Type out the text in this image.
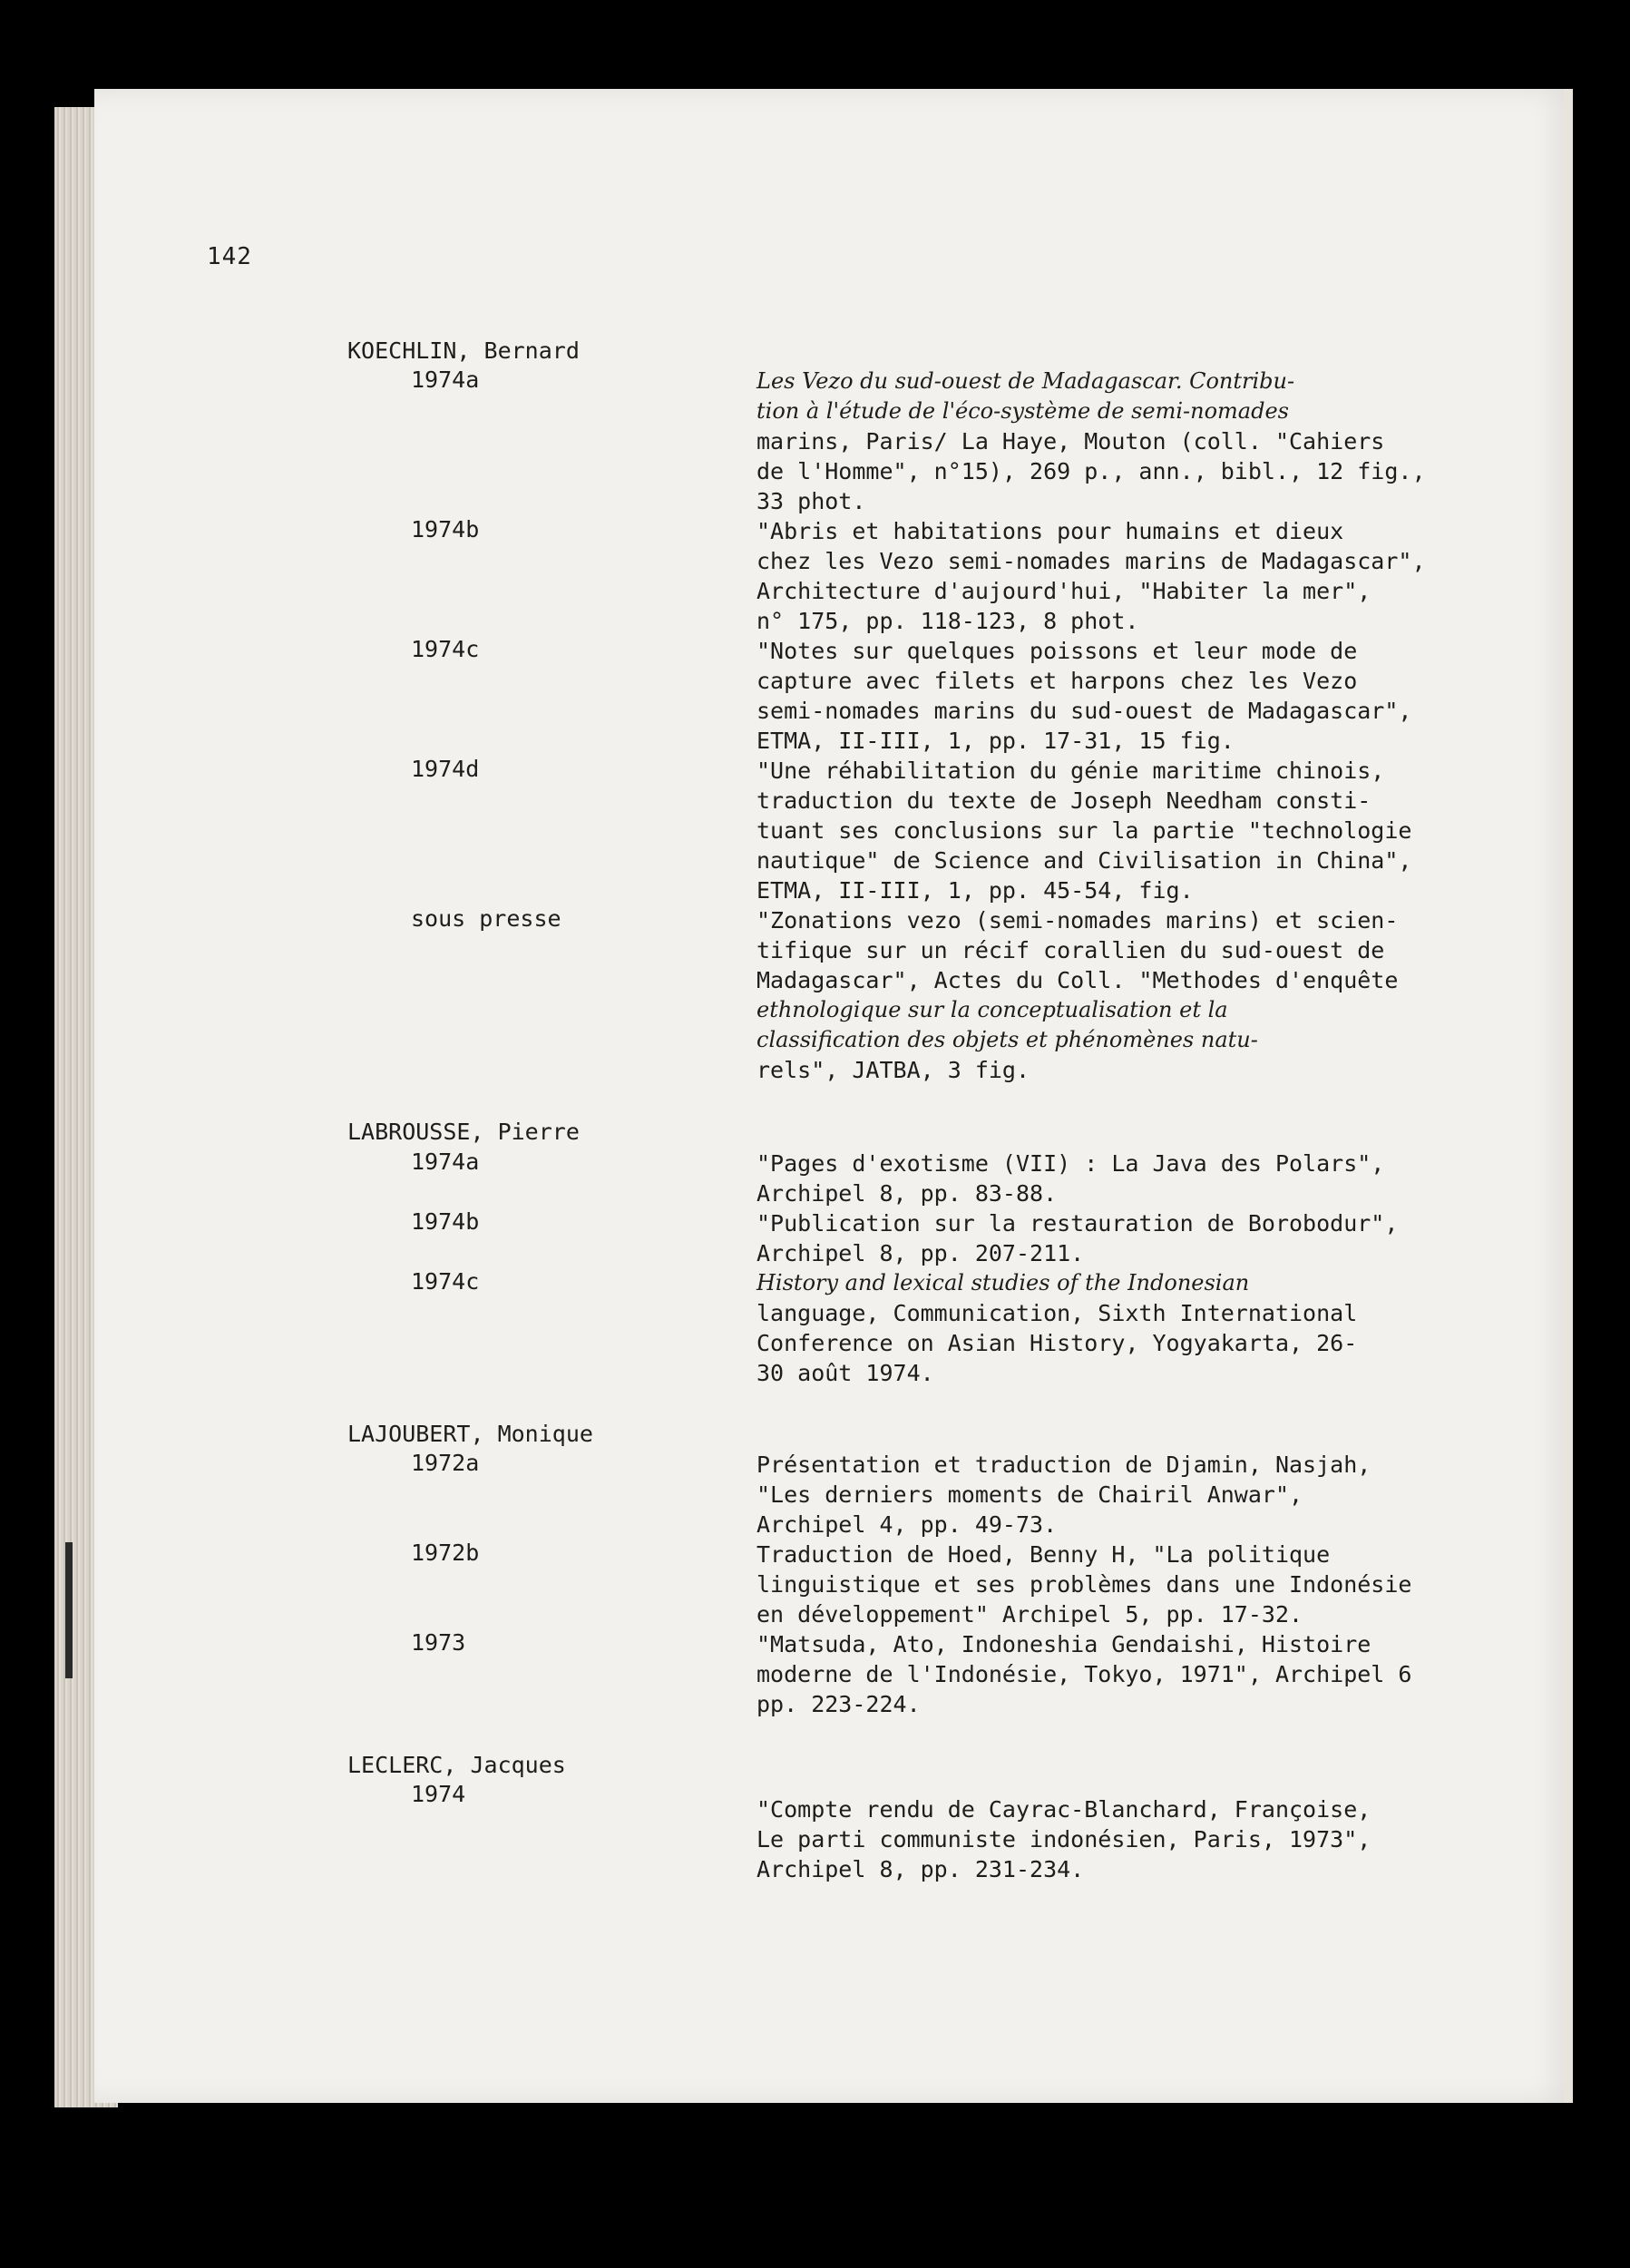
142
KOECHLIN, Bernard
1974a	Les Vezo du sud-ouest de Madagascar. Contribu-
tion à l'étude de l'éco-système de semi-nomades
marins, Paris/ La Haye, Mouton (coll. "Cahiers
de l'Homme", n°15), 269 p., ann., bibl., 12 fig.,
33 phot.
1974b	"Abris et habitations pour humains et dieux
chez les Vezo semi-nomades marins de Madagascar",
Architecture d'aujourd'hui, "Habiter la mer",
n° 175, pp. 118-123, 8 phot.
1974c	"Notes sur quelques poissons et leur mode de
capture avec filets et harpons chez les Vezo
semi-nomades marins du sud-ouest de Madagascar",
ETMA, II-III, 1, pp. 17-31, 15 fig.
1974d	"Une réhabilitation du génie maritime chinois,
traduction du texte de Joseph Needham consti-
tuant ses conclusions sur la partie "technologie
nautique" de Science and Civilisation in China",
ETMA, II-III, 1, pp. 45-54, fig.
sous presse	"Zonations vezo (semi-nomades marins) et scien-
tifique sur un récif corallien du sud-ouest de
Madagascar", Actes du Coll. "Methodes d'enquête
ethnologique sur la conceptualisation et la
classification des objets et phénomènes natu-
rels", JATBA, 3 fig.
LABROUSSE, Pierre
1974a	"Pages d'exotisme (VII) : La Java des Polars",
Archipel 8, pp. 83-88.
1974b	"Publication sur la restauration de Borobodur",
Archipel 8, pp. 207-211.
1974c	History and lexical studies of the Indonesian
language, Communication, Sixth International
Conference on Asian History, Yogyakarta, 26-
30 août 1974.
LAJOUBERT, Monique
1972a	Présentation et traduction de Djamin, Nasjah,
"Les derniers moments de Chairil Anwar",
Archipel 4, pp. 49-73.
1972b	Traduction de Hoed, Benny H, "La politique
linguistique et ses problèmes dans une Indonésie
en développement" Archipel 5, pp. 17-32.
1973	"Matsuda, Ato, Indoneshia Gendaishi, Histoire
moderne de l'Indonésie, Tokyo, 1971", Archipel 6
pp. 223-224.
LECLERC, Jacques
1974
"Compte rendu de Cayrac-Blanchard, Françoise,
Le parti communiste indonésien, Paris, 1973",
Archipel 8, pp. 231-234.
